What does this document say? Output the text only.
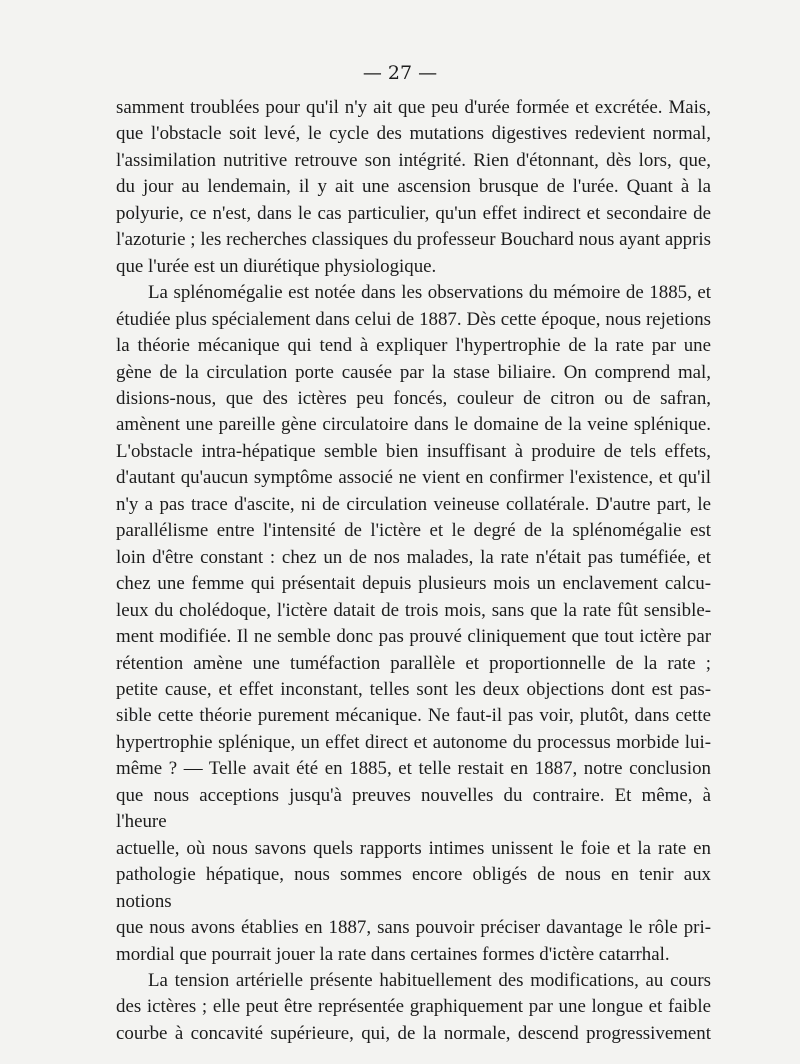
— 27 —

samment troublées pour qu'il n'y ait que peu d'urée formée et excrétée. Mais,

que l'obstacle soit levé, le cycle des mutations digestives redevient normal,

l'assimilation nutritive retrouve son intégrité. Rien d'étonnant, dès lors, que,

du jour au lendemain, il y ait une ascension brusque de l'urée. Quant à la

polyurie, ce n'est, dans le cas particulier, qu'un effet indirect et secondaire de

l'azoturie ; les recherches classiques du professeur Bouchard nous ayant appris

que l'urée est un diurétique physiologique.

La splénomégalie est notée dans les observations du mémoire de 1885, et

étudiée plus spécialement dans celui de 1887. Dès cette époque, nous rejetions

la théorie mécanique qui tend à expliquer l'hypertrophie de la rate par une

gène de la circulation porte causée par la stase biliaire. On comprend mal,

disions-nous, que des ictères peu foncés, couleur de citron ou de safran,

amènent une pareille gène circulatoire dans le domaine de la veine splénique.

L'obstacle intra-hépatique semble bien insuffisant à produire de tels effets,

d'autant qu'aucun symptôme associé ne vient en confirmer l'existence, et qu'il

n'y a pas trace d'ascite, ni de circulation veineuse collatérale. D'autre part, le

parallélisme entre l'intensité de l'ictère et le degré de la splénomégalie est

loin d'être constant : chez un de nos malades, la rate n'était pas tuméfiée, et

chez une femme qui présentait depuis plusieurs mois un enclavement calcu-

leux du cholédoque, l'ictère datait de trois mois, sans que la rate fût sensible-

ment modifiée. Il ne semble donc pas prouvé cliniquement que tout ictère par

rétention amène une tuméfaction parallèle et proportionnelle de la rate ;

petite cause, et effet inconstant, telles sont les deux objections dont est pas-

sible cette théorie purement mécanique. Ne faut-il pas voir, plutôt, dans cette

hypertrophie splénique, un effet direct et autonome du processus morbide lui-

même ? — Telle avait été en 1885, et telle restait en 1887, notre conclusion

que nous acceptions jusqu'à preuves nouvelles du contraire. Et même, à l'heure

actuelle, où nous savons quels rapports intimes unissent le foie et la rate en

pathologie hépatique, nous sommes encore obligés de nous en tenir aux notions

que nous avons établies en 1887, sans pouvoir préciser davantage le rôle pri-

mordial que pourrait jouer la rate dans certaines formes d'ictère catarrhal.

La tension artérielle présente habituellement des modifications, au cours

des ictères ; elle peut être représentée graphiquement par une longue et faible

courbe à concavité supérieure, qui, de la normale, descend progressivement
